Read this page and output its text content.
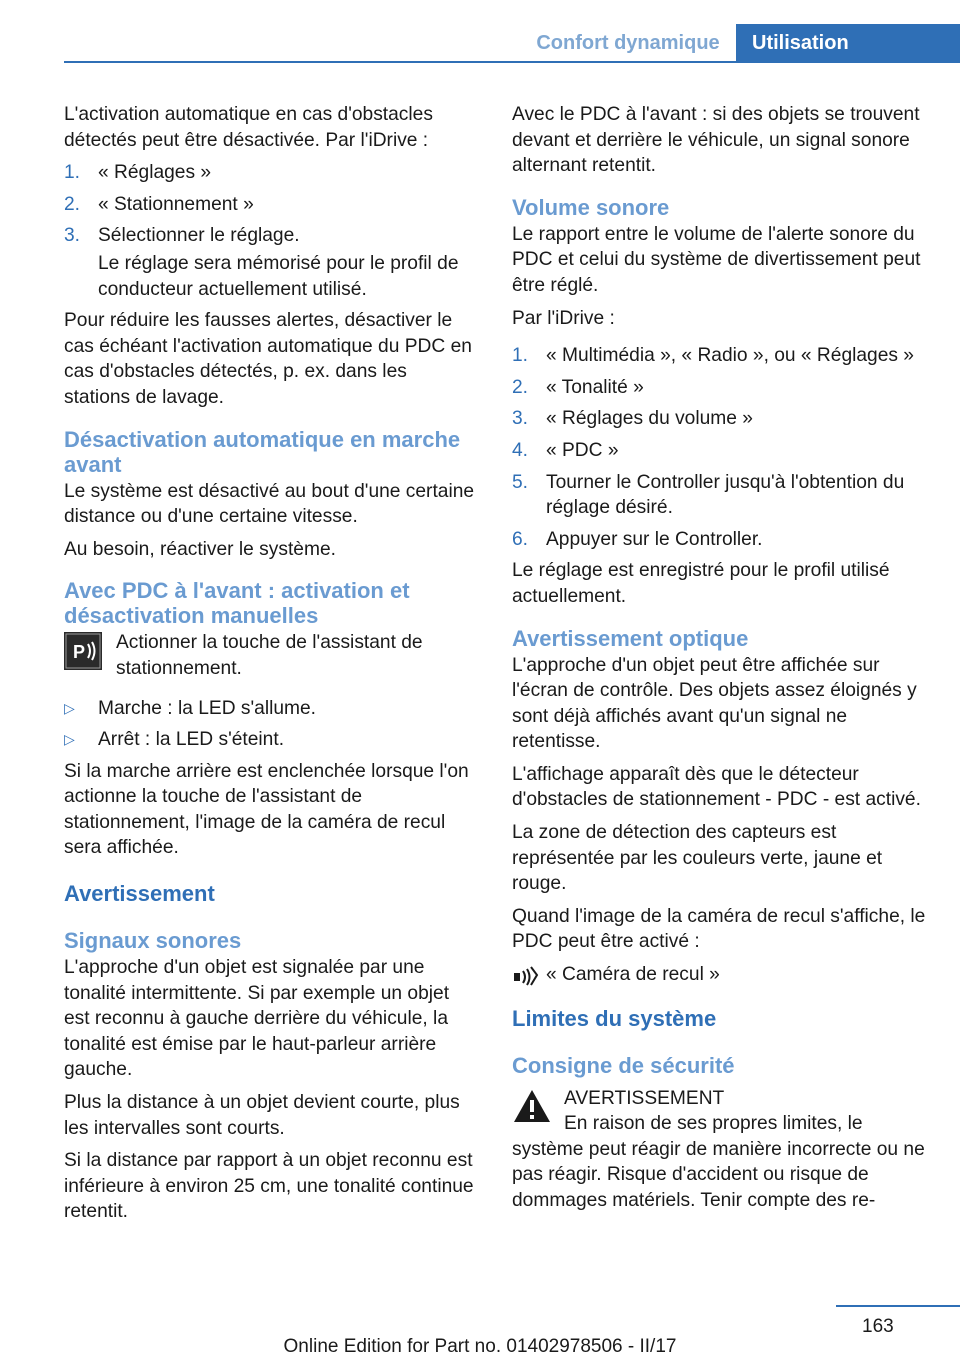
Confort dynamique	Utilisation

L'activation automatique en cas d'obstacles détectés peut être désactivée. Par l'iDrive :

1. « Réglages »
2. « Stationnement »
3. Sélectionner le réglage.
Le réglage sera mémorisé pour le profil de conducteur actuellement utilisé.

Pour réduire les fausses alertes, désactiver le cas échéant l'activation automatique du PDC en cas d'obstacles détectés, p. ex. dans les stations de lavage.

Désactivation automatique en marche avant

Le système est désactivé au bout d'une certaine distance ou d'une certaine vitesse.

Au besoin, réactiver le système.

Avec PDC à l'avant : activation et désactivation manuelles
P Actionner la touche de l'assistant de stationnement.
▷ Marche : la LED s'allume.
▷ Arrêt : la LED s'éteint.

Si la marche arrière est enclenchée lorsque l'on actionne la touche de l'assistant de stationnement, l'image de la caméra de recul sera affichée.

Avertissement
Signaux sonores

L'approche d'un objet est signalée par une tonalité intermittente. Si par exemple un objet est reconnu à gauche derrière du véhicule, la tonalité est émise par le haut-parleur arrière gauche.

Plus la distance à un objet devient courte, plus les intervalles sont courts.

Si la distance par rapport à un objet reconnu est inférieure à environ 25 cm, une tonalité continue retentit.

Avec le PDC à l'avant : si des objets se trouvent devant et derrière le véhicule, un signal sonore alternant retentit.

Volume sonore

Le rapport entre le volume de l'alerte sonore du PDC et celui du système de divertissement peut être réglé.

Par l'iDrive :

1. « Multimédia », « Radio », ou « Réglages »
2. « Tonalité »
3. « Réglages du volume »
4. « PDC »
5. Tourner le Controller jusqu'à l'obtention du réglage désiré.
6. Appuyer sur le Controller.

Le réglage est enregistré pour le profil utilisé actuellement.

Avertissement optique

L'approche d'un objet peut être affichée sur l'écran de contrôle. Des objets assez éloignés y sont déjà affichés avant qu'un signal ne retentisse.

L'affichage apparaît dès que le détecteur d'obstacles de stationnement - PDC - est activé.

La zone de détection des capteurs est représentée par les couleurs verte, jaune et rouge.

Quand l'image de la caméra de recul s'affiche, le PDC peut être activé :

« Caméra de recul »
Limites du système
Consigne de sécurité
AVERTISSEMENT
En raison de ses propres limites, le système peut réagir de manière incorrecte ou ne pas réagir. Risque d'accident ou risque de dommages matériels. Tenir compte des re-
163
Online Edition for Part no. 01402978506 - II/17
